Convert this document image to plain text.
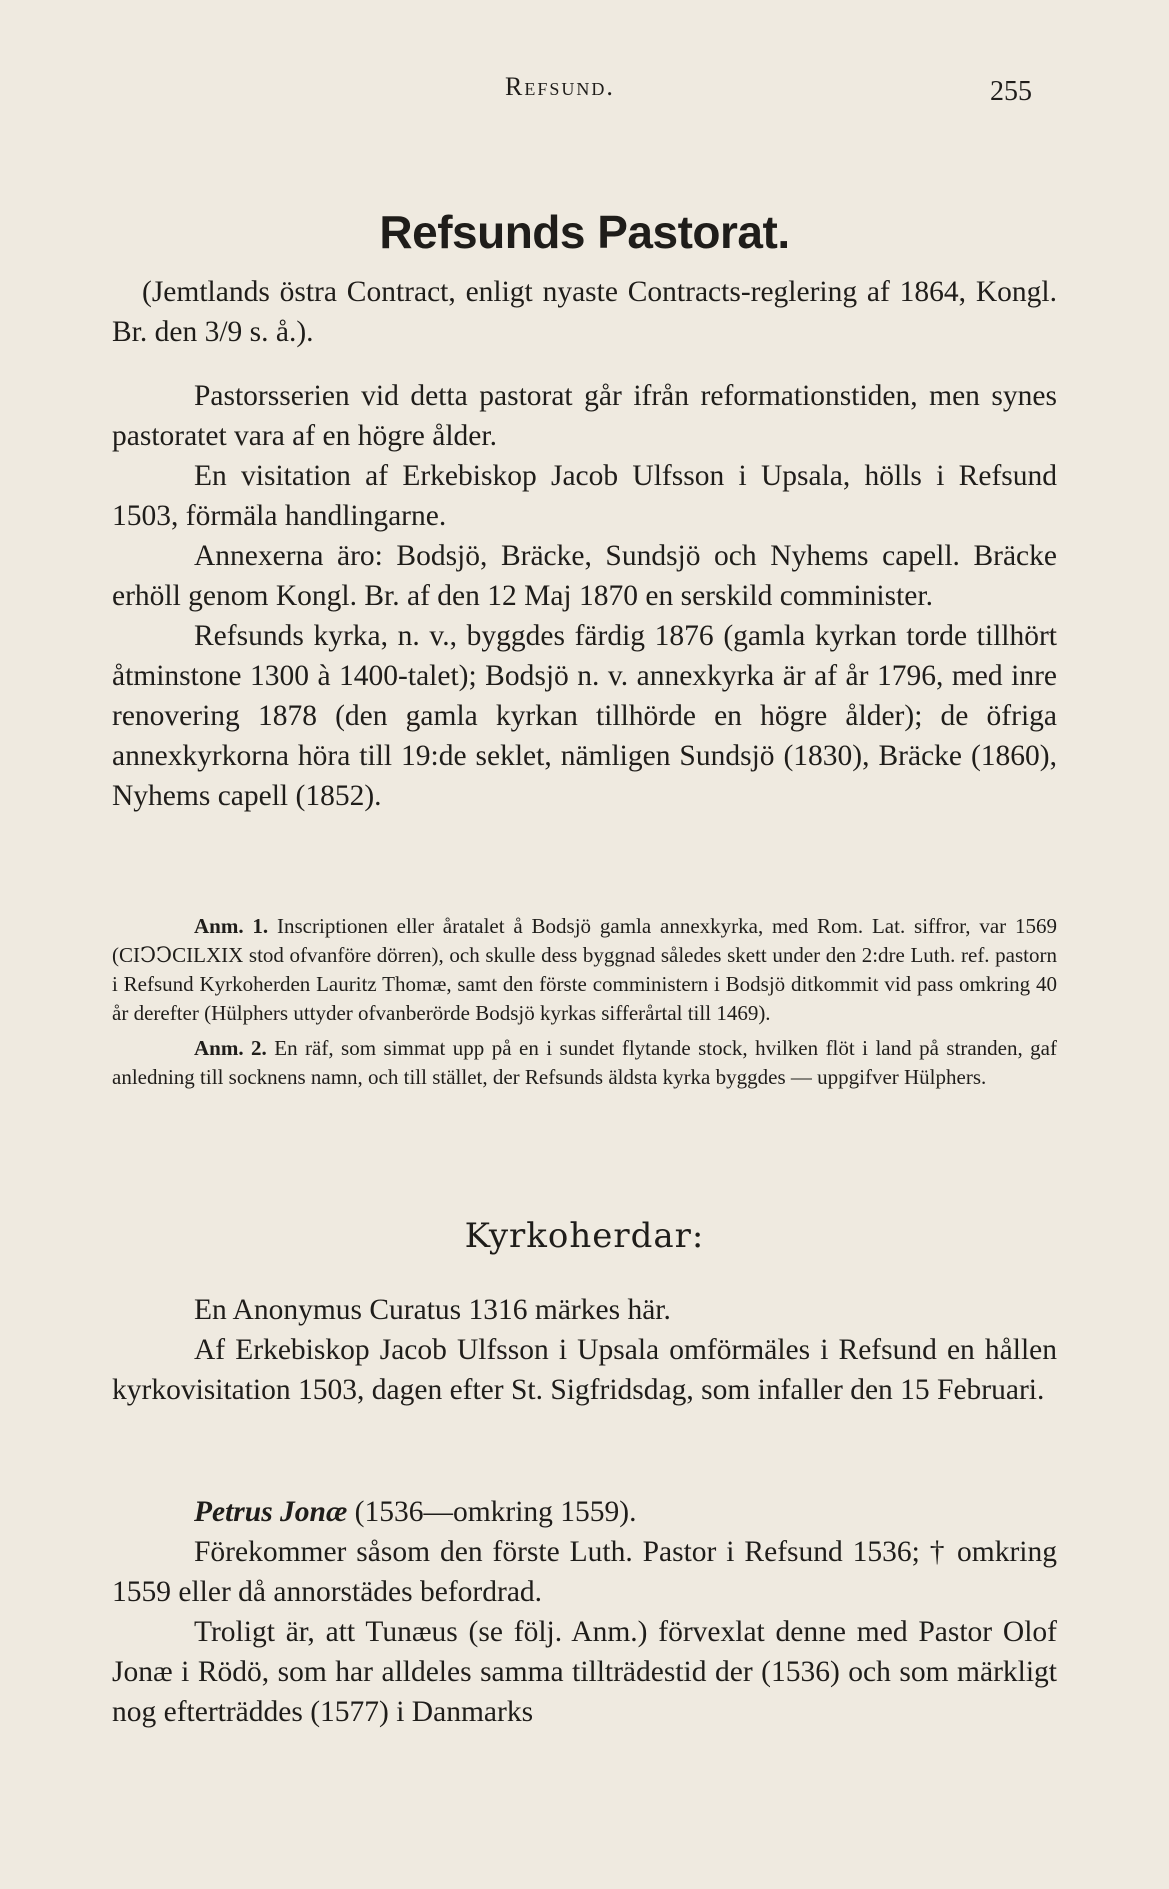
Refsund.	255
Refsunds Pastorat.

(Jemtlands östra Contract, enligt nyaste Contracts-reglering af 1864, Kongl. Br. den 3/9 s. å.).

Pastorsserien vid detta pastorat går ifrån reformationstiden, men synes pastoratet vara af en högre ålder.

En visitation af Erkebiskop Jacob Ulfsson i Upsala, hölls i Refsund 1503, förmäla handlingarne.

Annexerna äro: Bodsjö, Bräcke, Sundsjö och Nyhems capell. Bräcke erhöll genom Kongl. Br. af den 12 Maj 1870 en serskild comminister.

Refsunds kyrka, n. v., byggdes färdig 1876 (gamla kyrkan torde tillhört åtminstone 1300 à 1400-talet); Bodsjö n. v. annexkyrka är af år 1796, med inre renovering 1878 (den gamla kyrkan tillhörde en högre ålder); de öfriga annexkyrkorna höra till 19:de seklet, nämligen Sundsjö (1830), Bräcke (1860), Nyhems capell (1852).

Anm. 1. Inscriptionen eller åratalet å Bodsjö gamla annexkyrka, med Rom. Lat. siffror, var 1569 (CIↃↃCILXIX stod ofvanföre dörren), och skulle dess byggnad således skett under den 2:dre Luth. ref. pastorn i Refsund Kyrkoherden Lauritz Thomæ, samt den förste comministern i Bodsjö ditkommit vid pass omkring 40 år derefter (Hülphers uttyder ofvanberörde Bodsjö kyrkas sifferårtal till 1469).

Anm. 2. En räf, som simmat upp på en i sundet flytande stock, hvilken flöt i land på stranden, gaf anledning till socknens namn, och till stället, der Refsunds äldsta kyrka byggdes — uppgifver Hülphers.

Kyrkoherdar:

En Anonymus Curatus 1316 märkes här.

Af Erkebiskop Jacob Ulfsson i Upsala omförmäles i Refsund en hållen kyrkovisitation 1503, dagen efter St. Sigfridsdag, som infaller den 15 Februari.

Petrus Jonæ (1536—omkring 1559).

Förekommer såsom den förste Luth. Pastor i Refsund 1536; † omkring 1559 eller då annorstädes befordrad.

Troligt är, att Tunæus (se följ. Anm.) förvexlat denne med Pastor Olof Jonæ i Rödö, som har alldeles samma tillträdestid der (1536) och som märkligt nog efterträddes (1577) i Danmarks
